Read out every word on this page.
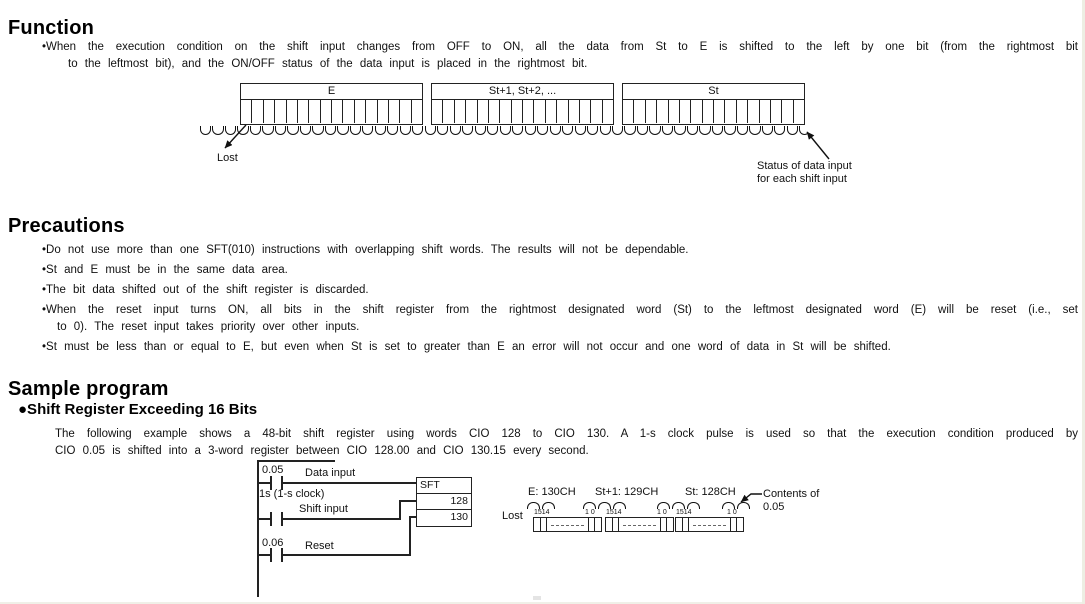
Function
•When the execution condition on the shift input changes from OFF to ON, all the data from St to E is shifted to the left by one bit (from the rightmost bit
to the leftmost bit), and the ON/OFF status of the data input is placed in the rightmost bit.
E	St+1, St+2, ...	St
Lost
Status of data input
for each shift input
Precautions
•Do not use more than one SFT(010) instructions with overlapping shift words. The results will not be dependable.
•St and E must be in the same data area.
•The bit data shifted out of the shift register is discarded.
•When the reset input turns ON, all bits in the shift register from the rightmost designated word (St) to the leftmost designated word (E) will be reset (i.e., set
to 0). The reset input takes priority over other inputs.
•St must be less than or equal to E, but even when St is set to greater than E an error will not occur and one word of data in St will be shifted.
Sample program
●Shift Register Exceeding 16 Bits
The following example shows a 48-bit shift register using words CIO 128 to CIO 130. A 1-s clock pulse is used so that the execution condition produced by
CIO 0.05 is shifted into a 3-word register between CIO 128.00 and CIO 130.15 every second.
0.05 Data input
1s (1-s clock)
Shift input
0.06 Reset
SFT
128
130	Lost
E: 130CH St+1: 129CH St: 128CH
1514	1 0 1514	1 0 1514	1 0
Contents of
0.05
